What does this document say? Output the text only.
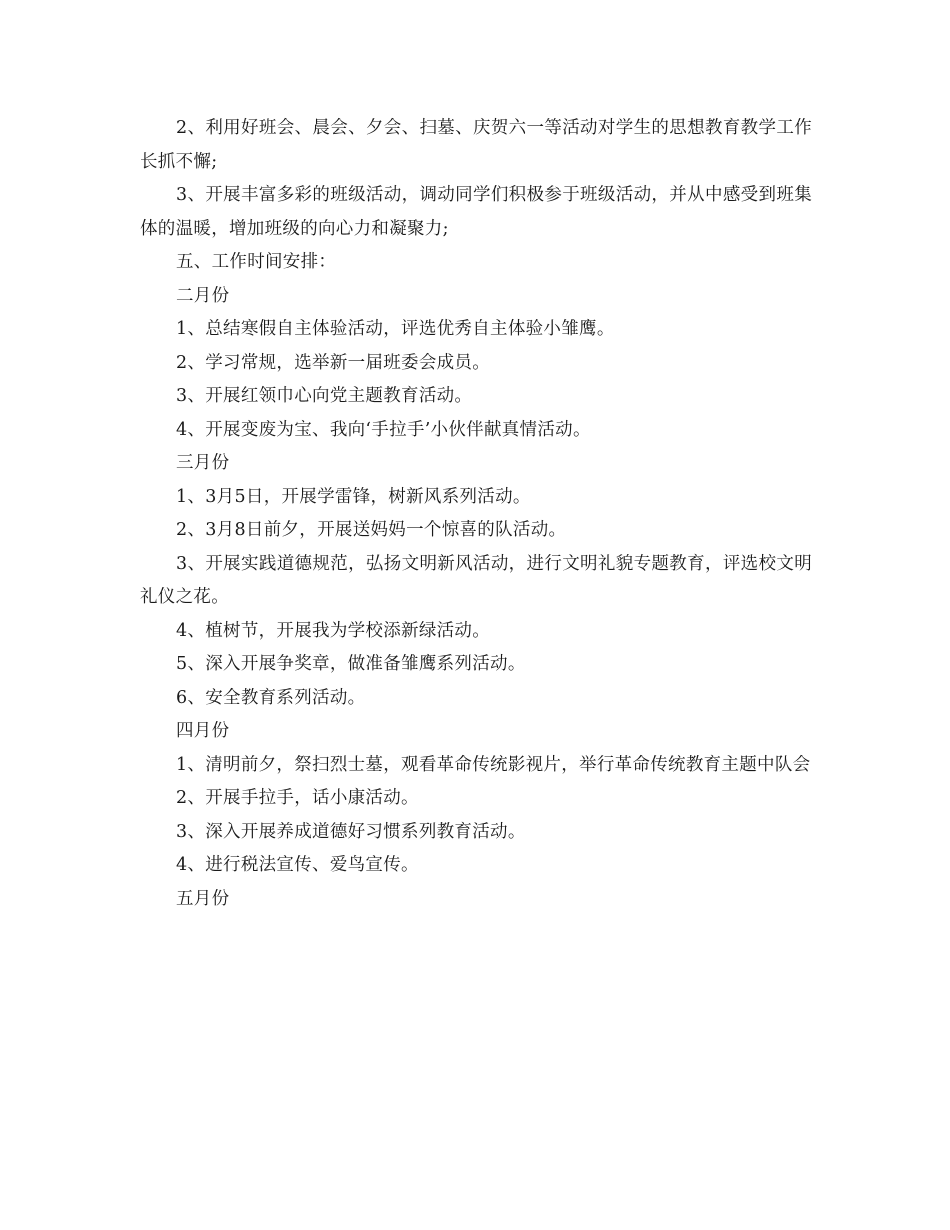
2、利用好班会、晨会、夕会、扫墓、庆贺六一等活动对学生的思想教育教学工作长抓不懈;

3、开展丰富多彩的班级活动，调动同学们积极参于班级活动，并从中感受到班集体的温暖，增加班级的向心力和凝聚力;

五、工作时间安排：

二月份

1、总结寒假自主体验活动，评选优秀自主体验小雏鹰。

2、学习常规，选举新一届班委会成员。

3、开展红领巾心向党主题教育活动。

4、开展变废为宝、我向‘手拉手’小伙伴献真情活动。

三月份

1、3月5日，开展学雷锋，树新风系列活动。

2、3月8日前夕，开展送妈妈一个惊喜的队活动。

3、开展实践道德规范，弘扬文明新风活动，进行文明礼貌专题教育，评选校文明礼仪之花。

4、植树节，开展我为学校添新绿活动。

5、深入开展争奖章，做准备雏鹰系列活动。

6、安全教育系列活动。

四月份

1、清明前夕，祭扫烈士墓，观看革命传统影视片，举行革命传统教育主题中队会

2、开展手拉手，话小康活动。

3、深入开展养成道德好习惯系列教育活动。

4、进行税法宣传、爱鸟宣传。

五月份
